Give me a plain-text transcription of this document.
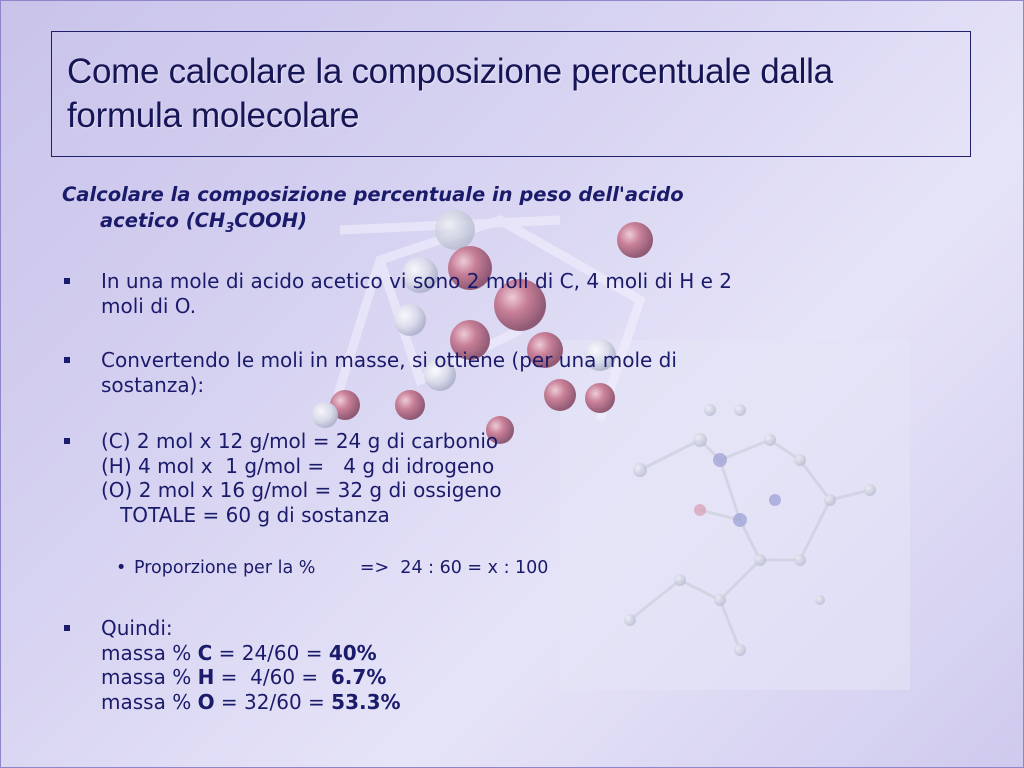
Come calcolare la composizione percentuale dalla
formula molecolare
Calcolare la composizione percentuale in peso dell'acido
acetico $(CH_3COOH)$
In una mole di acido acetico vi sono 2 moli di C, 4 moli di H e 2
moli di O.
Convertendo le moli in masse, si ottiene (per una mole di
sostanza):
(C) 2 mol x 12 g/mol = 24 g di carbonio
(H) 4 mol x  1 g/mol =   4 g di idrogeno
(O) 2 mol x 16 g/mol = 32 g di ossigeno
TOTALE = 60 g di sostanza
• Proporzione per la %        =>  24 : 60 = x : 100
Quindi:
massa % C = 24/60 = 40%
massa % H =  4/60 =  6.7%
massa % O = 32/60 = 53.3%
